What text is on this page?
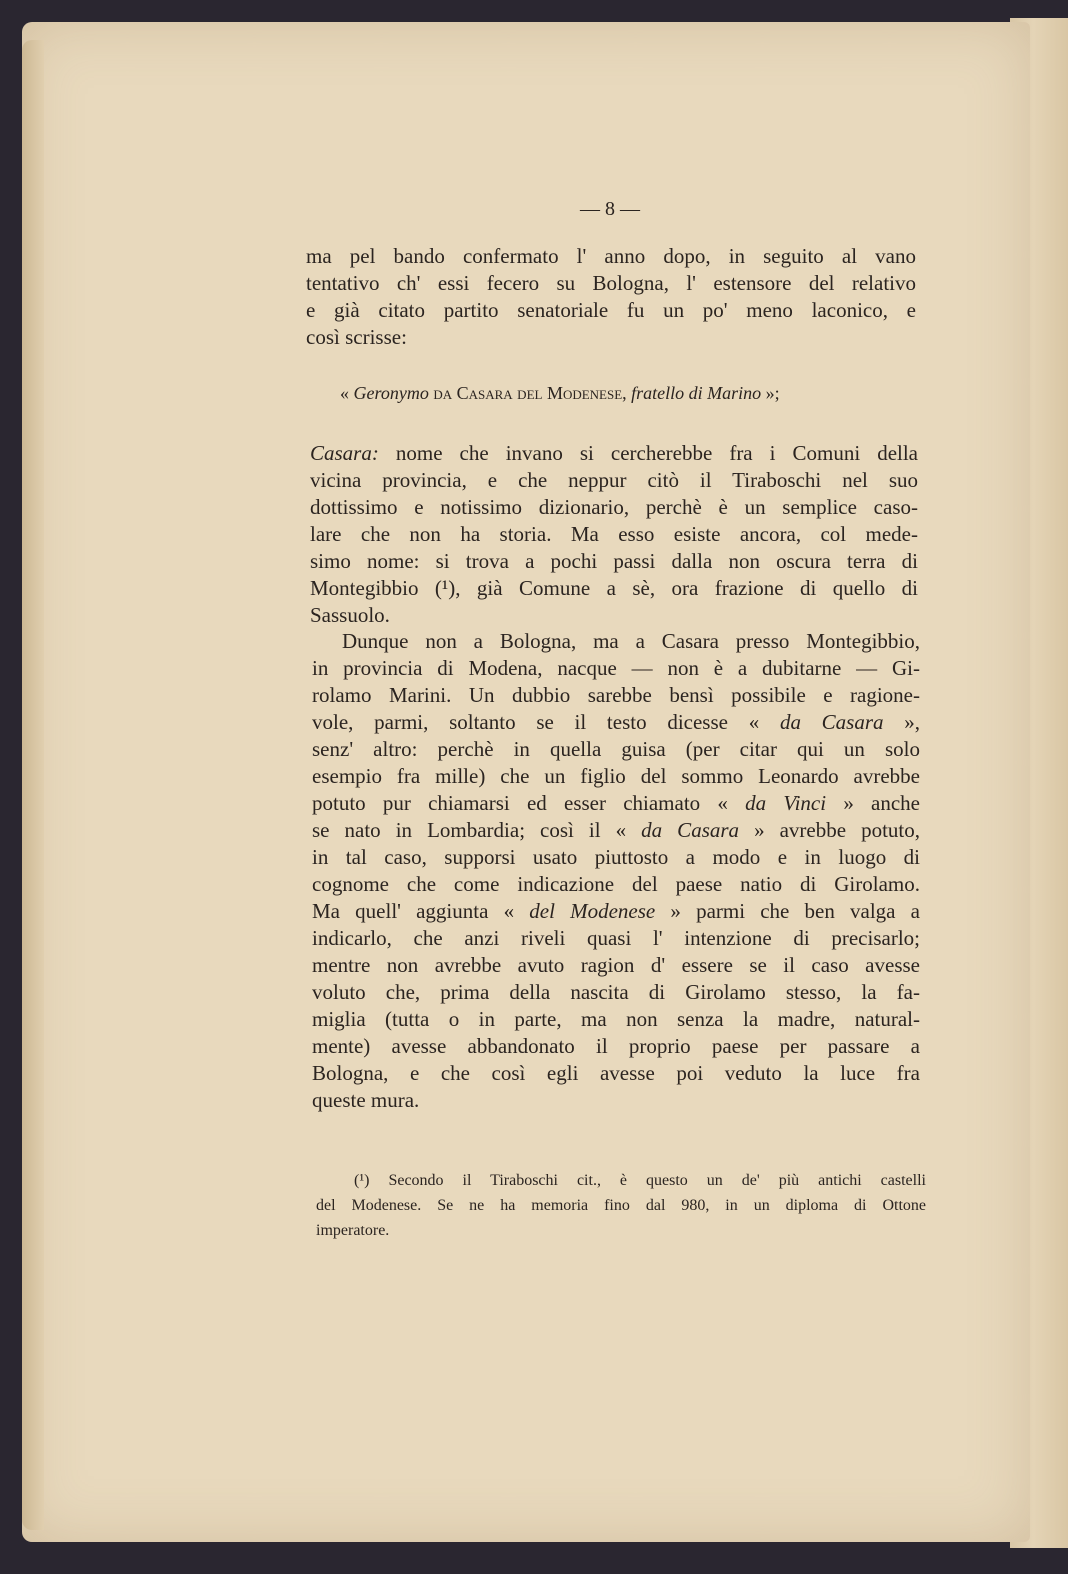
— 8 —
ma pel bando confermato l' anno dopo, in seguito al vano
tentativo ch' essi fecero su Bologna, l' estensore del relativo
e già citato partito senatoriale fu un po' meno laconico, e
così scrisse:
« Geronymo da Casara del Modenese, fratello di Marino »;
Casara: nome che invano si cercherebbe fra i Comuni della
vicina provincia, e che neppur citò il Tiraboschi nel suo
dottissimo e notissimo dizionario, perchè è un semplice caso-
lare che non ha storia. Ma esso esiste ancora, col mede-
simo nome: si trova a pochi passi dalla non oscura terra di
Montegibbio (¹), già Comune a sè, ora frazione di quello di
Sassuolo.
Dunque non a Bologna, ma a Casara presso Montegibbio,
in provincia di Modena, nacque — non è a dubitarne — Gi-
rolamo Marini. Un dubbio sarebbe bensì possibile e ragione-
vole, parmi, soltanto se il testo dicesse « da Casara »,
senz' altro: perchè in quella guisa (per citar qui un solo
esempio fra mille) che un figlio del sommo Leonardo avrebbe
potuto pur chiamarsi ed esser chiamato « da Vinci » anche
se nato in Lombardia; così il « da Casara » avrebbe potuto,
in tal caso, supporsi usato piuttosto a modo e in luogo di
cognome che come indicazione del paese natio di Girolamo.
Ma quell' aggiunta « del Modenese » parmi che ben valga a
indicarlo, che anzi riveli quasi l' intenzione di precisarlo;
mentre non avrebbe avuto ragion d' essere se il caso avesse
voluto che, prima della nascita di Girolamo stesso, la fa-
miglia (tutta o in parte, ma non senza la madre, natural-
mente) avesse abbandonato il proprio paese per passare a
Bologna, e che così egli avesse poi veduto la luce fra
queste mura.
(¹) Secondo il Tiraboschi cit., è questo un de' più antichi castelli
del Modenese. Se ne ha memoria fino dal 980, in un diploma di Ottone
imperatore.
